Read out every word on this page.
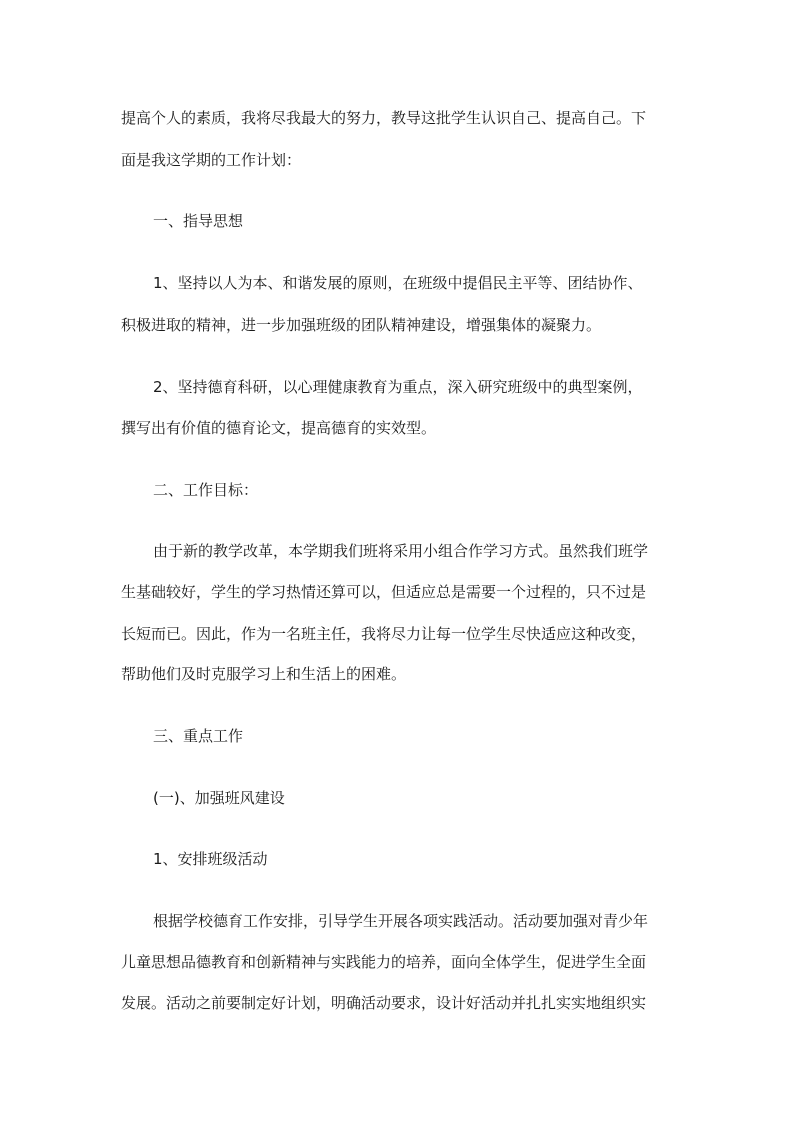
提高个人的素质，我将尽我最大的努力，教导这批学生认识自己、提高自己。下
面是我这学期的工作计划：
一、指导思想
1、坚持以人为本、和谐发展的原则，在班级中提倡民主平等、团结协作、
积极进取的精神，进一步加强班级的团队精神建设，增强集体的凝聚力。
2、坚持德育科研，以心理健康教育为重点，深入研究班级中的典型案例，
撰写出有价值的德育论文，提高德育的实效型。
二、工作目标：
由于新的教学改革，本学期我们班将采用小组合作学习方式。虽然我们班学
生基础较好，学生的学习热情还算可以，但适应总是需要一个过程的，只不过是
长短而已。因此，作为一名班主任，我将尽力让每一位学生尽快适应这种改变，
帮助他们及时克服学习上和生活上的困难。
三、重点工作
(一)、加强班风建设
1、安排班级活动
根据学校德育工作安排，引导学生开展各项实践活动。活动要加强对青少年
儿童思想品德教育和创新精神与实践能力的培养，面向全体学生，促进学生全面
发展。活动之前要制定好计划，明确活动要求，设计好活动并扎扎实实地组织实
